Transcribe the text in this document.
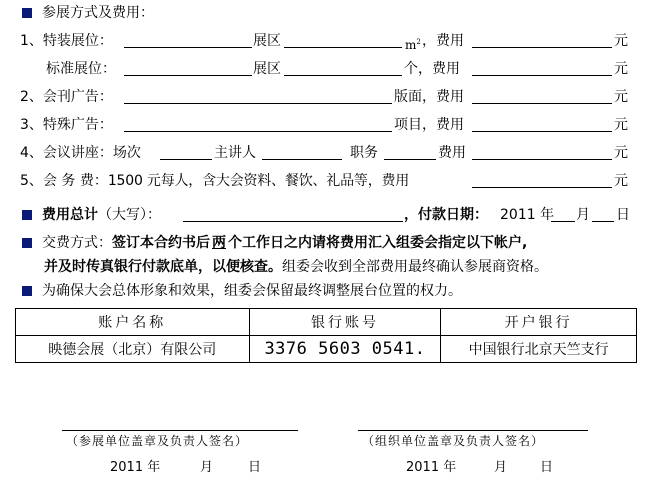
参展方式及费用：
1、特装展位：	展区	$m^2$ ，费用	元
标准展位：	展区	个，费用	元
2、会刊广告：	版面，费用	元
3、特殊广告：	项目，费用	元
4、会议讲座：场次	主讲人	职务	费用	元
5、会 务 费：1500 元每人，含大会资料、餐饮、礼品等，费用	元
费用总计（大写）：	，付款日期： 2011 年 月 日
交费方式：签订本合约书后 两 个工作日之内请将费用汇入组委会指定以下帐户,
并及时传真银行付款底单，以便核查。组委会收到全部费用最终确认参展商资格。
为确保大会总体形象和效果，组委会保留最终调整展台位置的权力。
账户名称	银行账号	开户银行
映德会展（北京）有限公司	3376 5603 0541.	中国银行北京天竺支行
（参展单位盖章及负责人签名）
2011 年	月	日
（组织单位盖章及负责人签名）
2011 年	月	日
